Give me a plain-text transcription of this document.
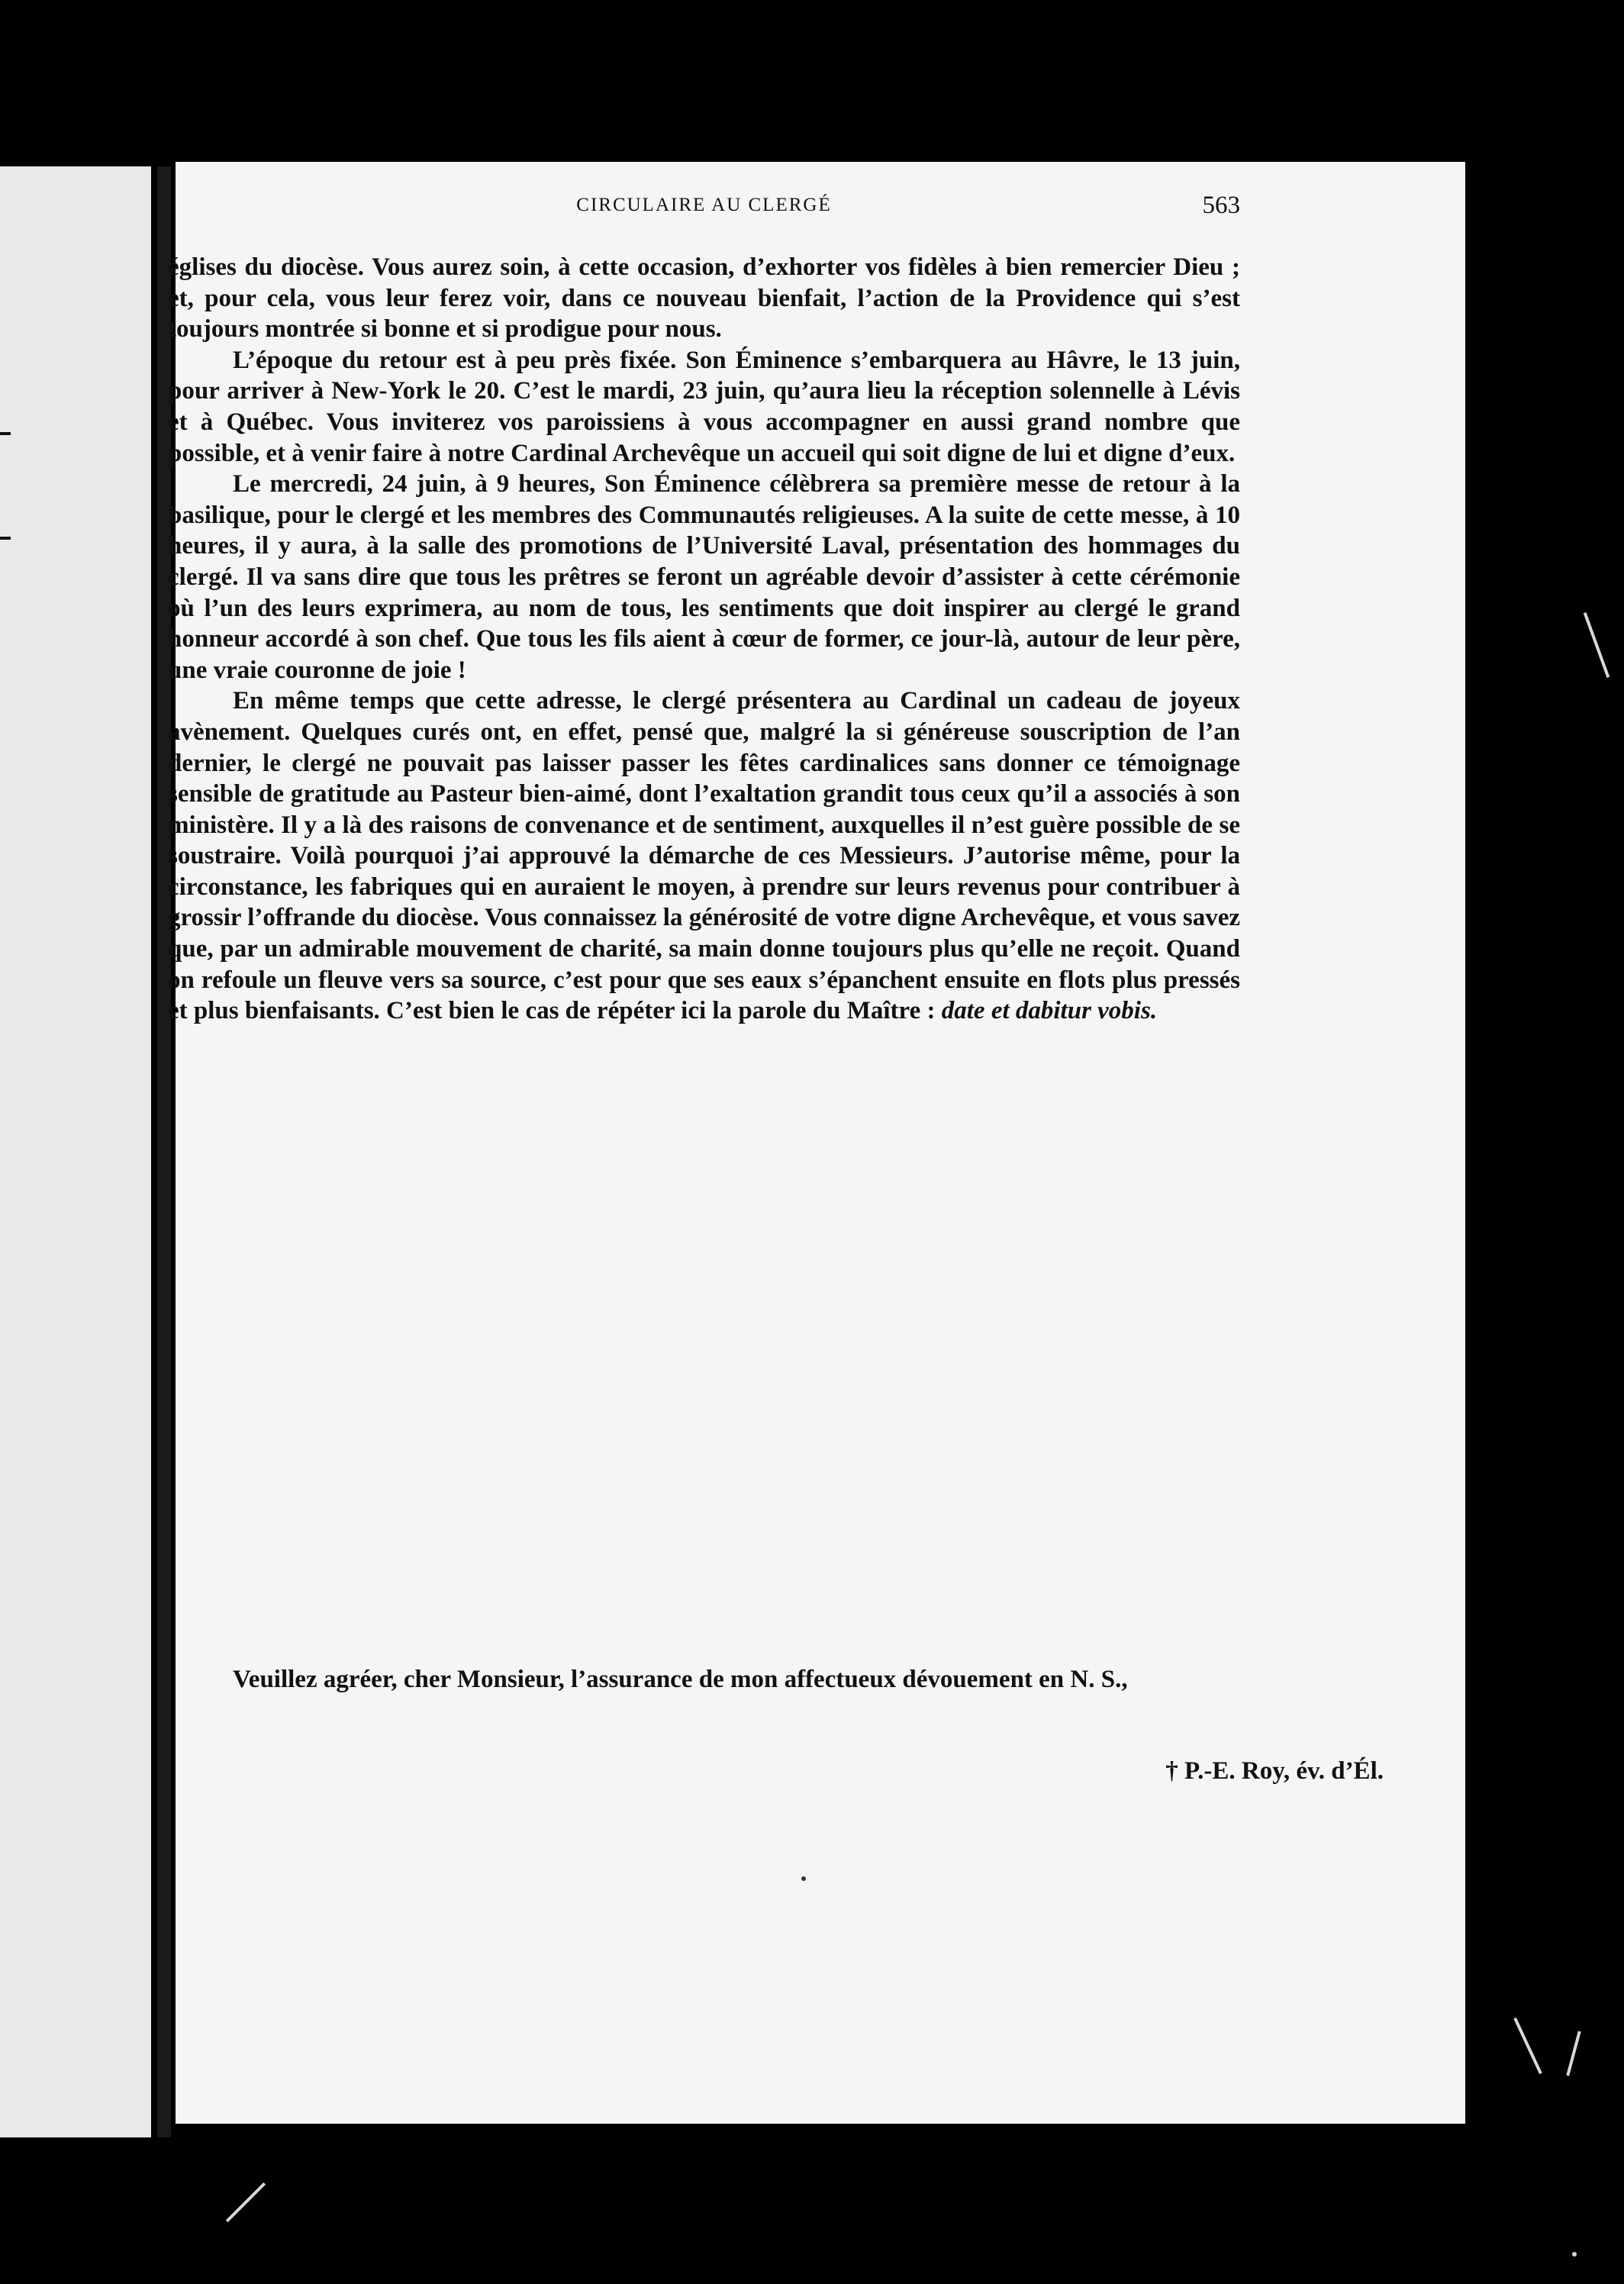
CIRCULAIRE AU CLERGÉ	563

églises du diocèse. Vous aurez soin, à cette occasion, d’exhorter vos fidèles à bien remercier Dieu ; et, pour cela, vous leur ferez voir, dans ce nouveau bienfait, l’action de la Providence qui s’est toujours montrée si bonne et si prodigue pour nous.

L’époque du retour est à peu près fixée. Son Éminence s’embarquera au Hâvre, le 13 juin, pour arriver à New-York le 20. C’est le mardi, 23 juin, qu’aura lieu la réception solennelle à Lévis et à Québec. Vous inviterez vos paroissiens à vous accompagner en aussi grand nombre que possible, et à venir faire à notre Cardinal Archevêque un accueil qui soit digne de lui et digne d’eux.

Le mercredi, 24 juin, à 9 heures, Son Éminence célèbrera sa première messe de retour à la basilique, pour le clergé et les membres des Communautés religieuses. A la suite de cette messe, à 10 heures, il y aura, à la salle des promotions de l’Université Laval, présentation des hommages du clergé. Il va sans dire que tous les prêtres se feront un agréable devoir d’assister à cette cérémonie où l’un des leurs exprimera, au nom de tous, les sentiments que doit inspirer au clergé le grand honneur accordé à son chef. Que tous les fils aient à cœur de former, ce jour-là, autour de leur père, une vraie couronne de joie !

En même temps que cette adresse, le clergé présentera au Cardinal un cadeau de joyeux avènement. Quelques curés ont, en effet, pensé que, malgré la si généreuse souscription de l’an dernier, le clergé ne pouvait pas laisser passer les fêtes cardinalices sans donner ce témoignage sensible de gratitude au Pasteur bien-aimé, dont l’exaltation grandit tous ceux qu’il a associés à son ministère. Il y a là des raisons de convenance et de sentiment, auxquelles il n’est guère possible de se soustraire. Voilà pourquoi j’ai approuvé la démarche de ces Messieurs. J’autorise même, pour la circonstance, les fabriques qui en auraient le moyen, à prendre sur leurs revenus pour contribuer à grossir l’offrande du diocèse. Vous connaissez la générosité de votre digne Archevêque, et vous savez que, par un admirable mouvement de charité, sa main donne toujours plus qu’elle ne reçoit. Quand on refoule un fleuve vers sa source, c’est pour que ses eaux s’épanchent ensuite en flots plus pressés et plus bienfaisants. C’est bien le cas de répéter ici la parole du Maître : date et dabitur vobis.

Veuillez agréer, cher Monsieur, l’assurance de mon affectueux dévouement en N. S.,
† P.-E. Roy, év. d’Él.
